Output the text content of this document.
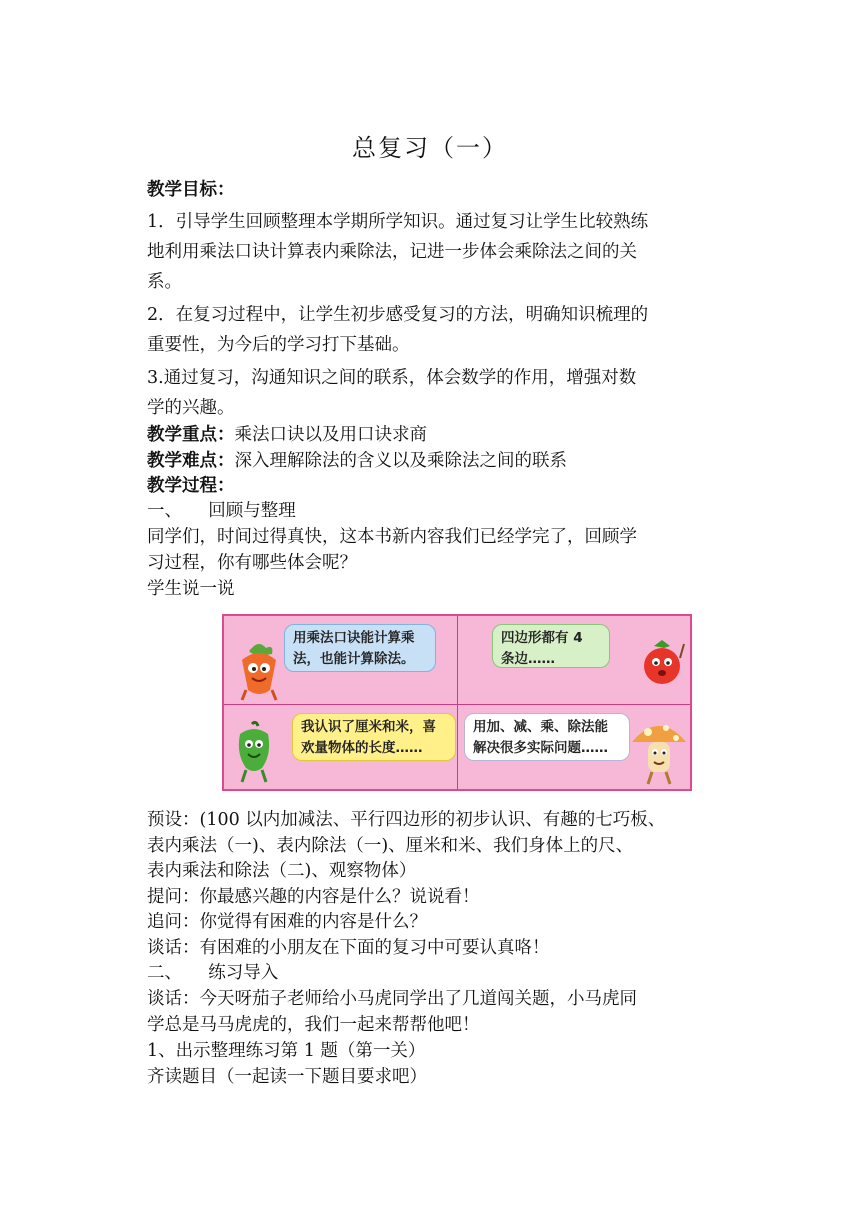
总复习（一）
教学目标：
1．引导学生回顾整理本学期所学知识。通过复习让学生比较熟练
地利用乘法口诀计算表内乘除法，记进一步体会乘除法之间的关
系。
2．在复习过程中，让学生初步感受复习的方法，明确知识梳理的
重要性，为今后的学习打下基础。
3.通过复习，沟通知识之间的联系，体会数学的作用，增强对数
学的兴趣。
教学重点：乘法口诀以及用口诀求商
教学难点：深入理解除法的含义以及乘除法之间的联系
教学过程：
一、　　回顾与整理
同学们，时间过得真快，这本书新内容我们已经学完了，回顾学
习过程，你有哪些体会呢？
学生说一说
用乘法口诀能计算乘
法，也能计算除法。
四边形都有 4
条边……
我认识了厘米和米，喜
欢量物体的长度……
用加、减、乘、除法能
解决很多实际问题……
预设：(100 以内加减法、平行四边形的初步认识、有趣的七巧板、
表内乘法（一)、表内除法（一)、厘米和米、我们身体上的尺、
表内乘法和除法（二)、观察物体）
提问：你最感兴趣的内容是什么？说说看！
追问：你觉得有困难的内容是什么？
谈话：有困难的小朋友在下面的复习中可要认真咯！
二、　　练习导入
谈话：今天呀茄子老师给小马虎同学出了几道闯关题，小马虎同
学总是马马虎虎的，我们一起来帮帮他吧！
1、出示整理练习第 1 题（第一关）
齐读题目（一起读一下题目要求吧）
